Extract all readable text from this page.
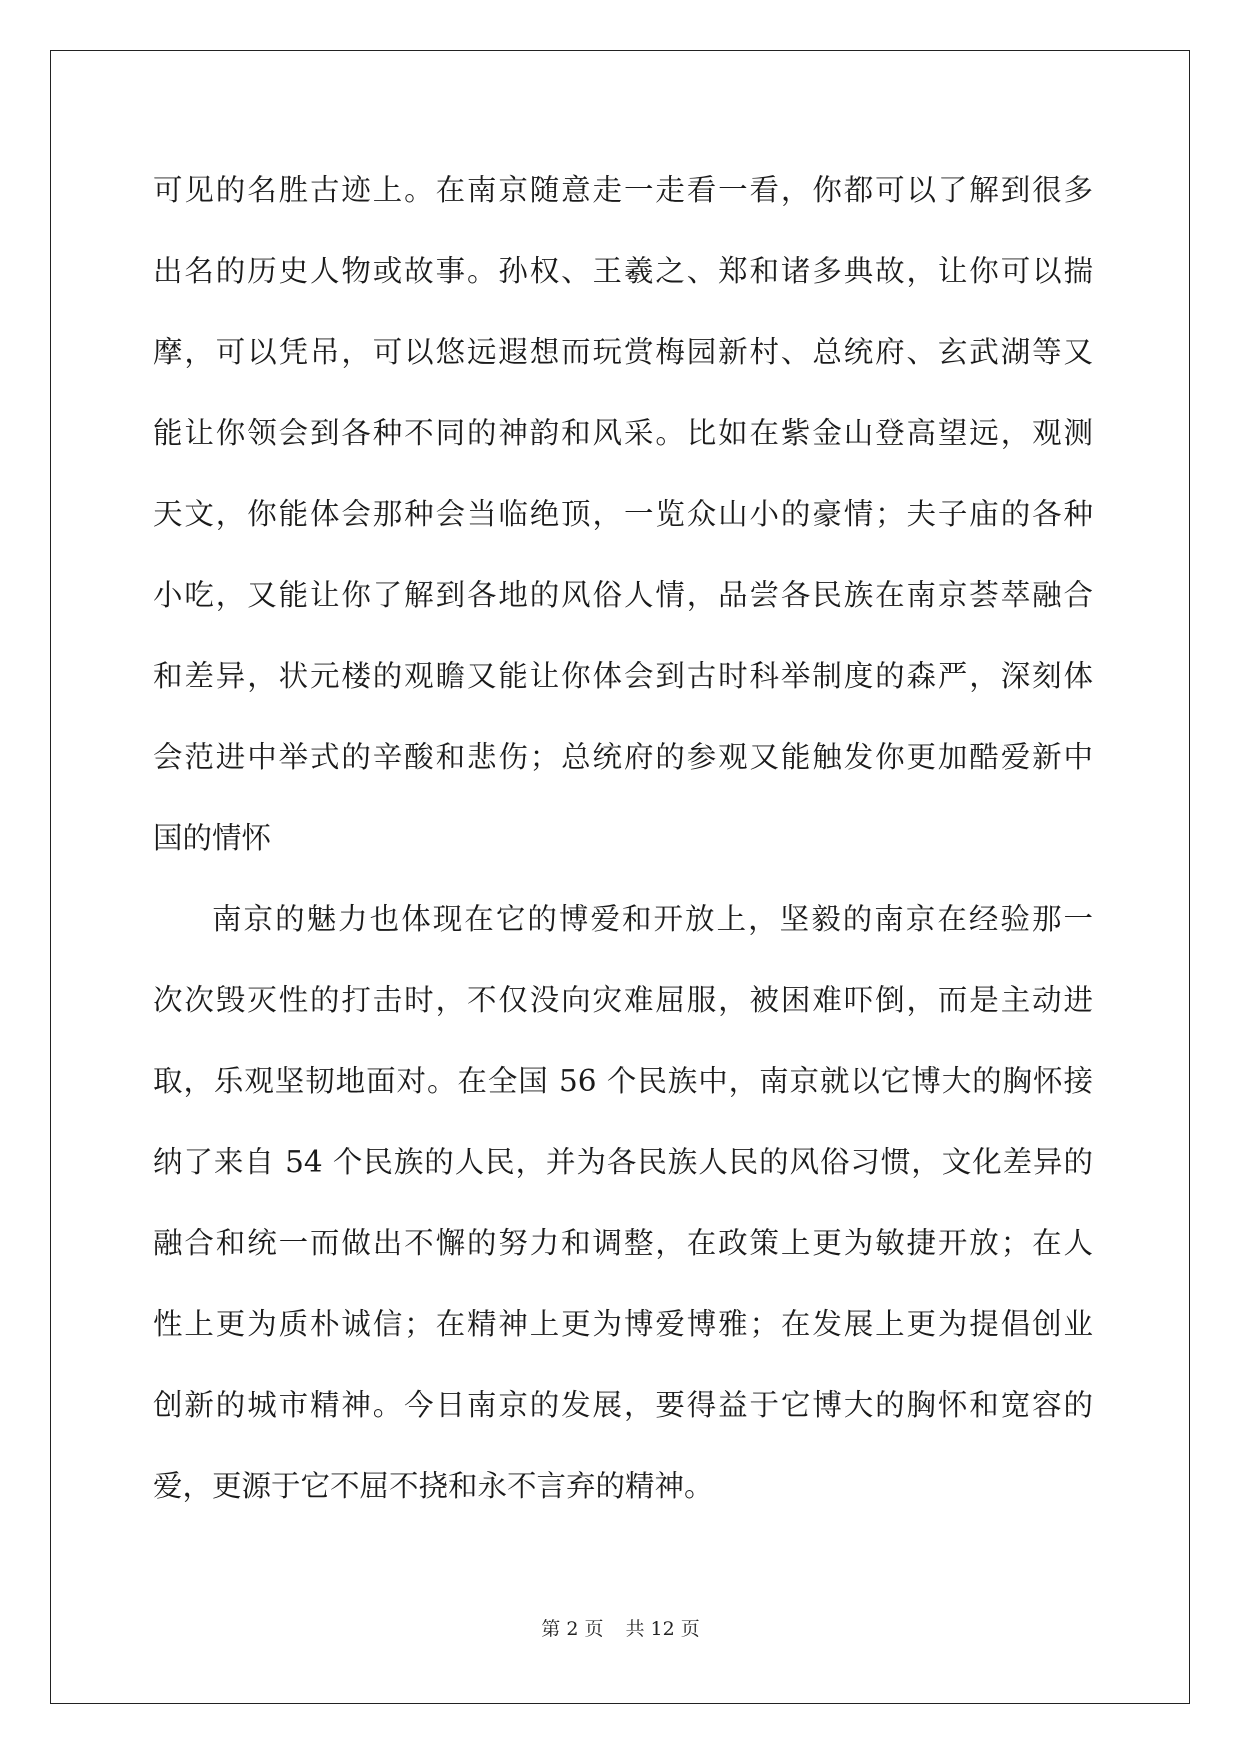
可见的名胜古迹上。在南京随意走一走看一看，你都可以了解到很多
出名的历史人物或故事。孙权、王羲之、郑和诸多典故，让你可以揣
摩，可以凭吊，可以悠远遐想而玩赏梅园新村、总统府、玄武湖等又
能让你领会到各种不同的神韵和风采。比如在紫金山登高望远，观测
天文，你能体会那种会当临绝顶，一览众山小的豪情；夫子庙的各种
小吃，又能让你了解到各地的风俗人情，品尝各民族在南京荟萃融合
和差异，状元楼的观瞻又能让你体会到古时科举制度的森严，深刻体
会范进中举式的辛酸和悲伤；总统府的参观又能触发你更加酷爱新中
国的情怀
南京的魅力也体现在它的博爱和开放上，坚毅的南京在经验那一
次次毁灭性的打击时，不仅没向灾难屈服，被困难吓倒，而是主动进
取，乐观坚韧地面对。在全国 56 个民族中，南京就以它博大的胸怀接
纳了来自 54 个民族的人民，并为各民族人民的风俗习惯，文化差异的
融合和统一而做出不懈的努力和调整，在政策上更为敏捷开放；在人
性上更为质朴诚信；在精神上更为博爱博雅；在发展上更为提倡创业
创新的城市精神。今日南京的发展，要得益于它博大的胸怀和宽容的
爱，更源于它不屈不挠和永不言弃的精神。
第 2 页 共 12 页
